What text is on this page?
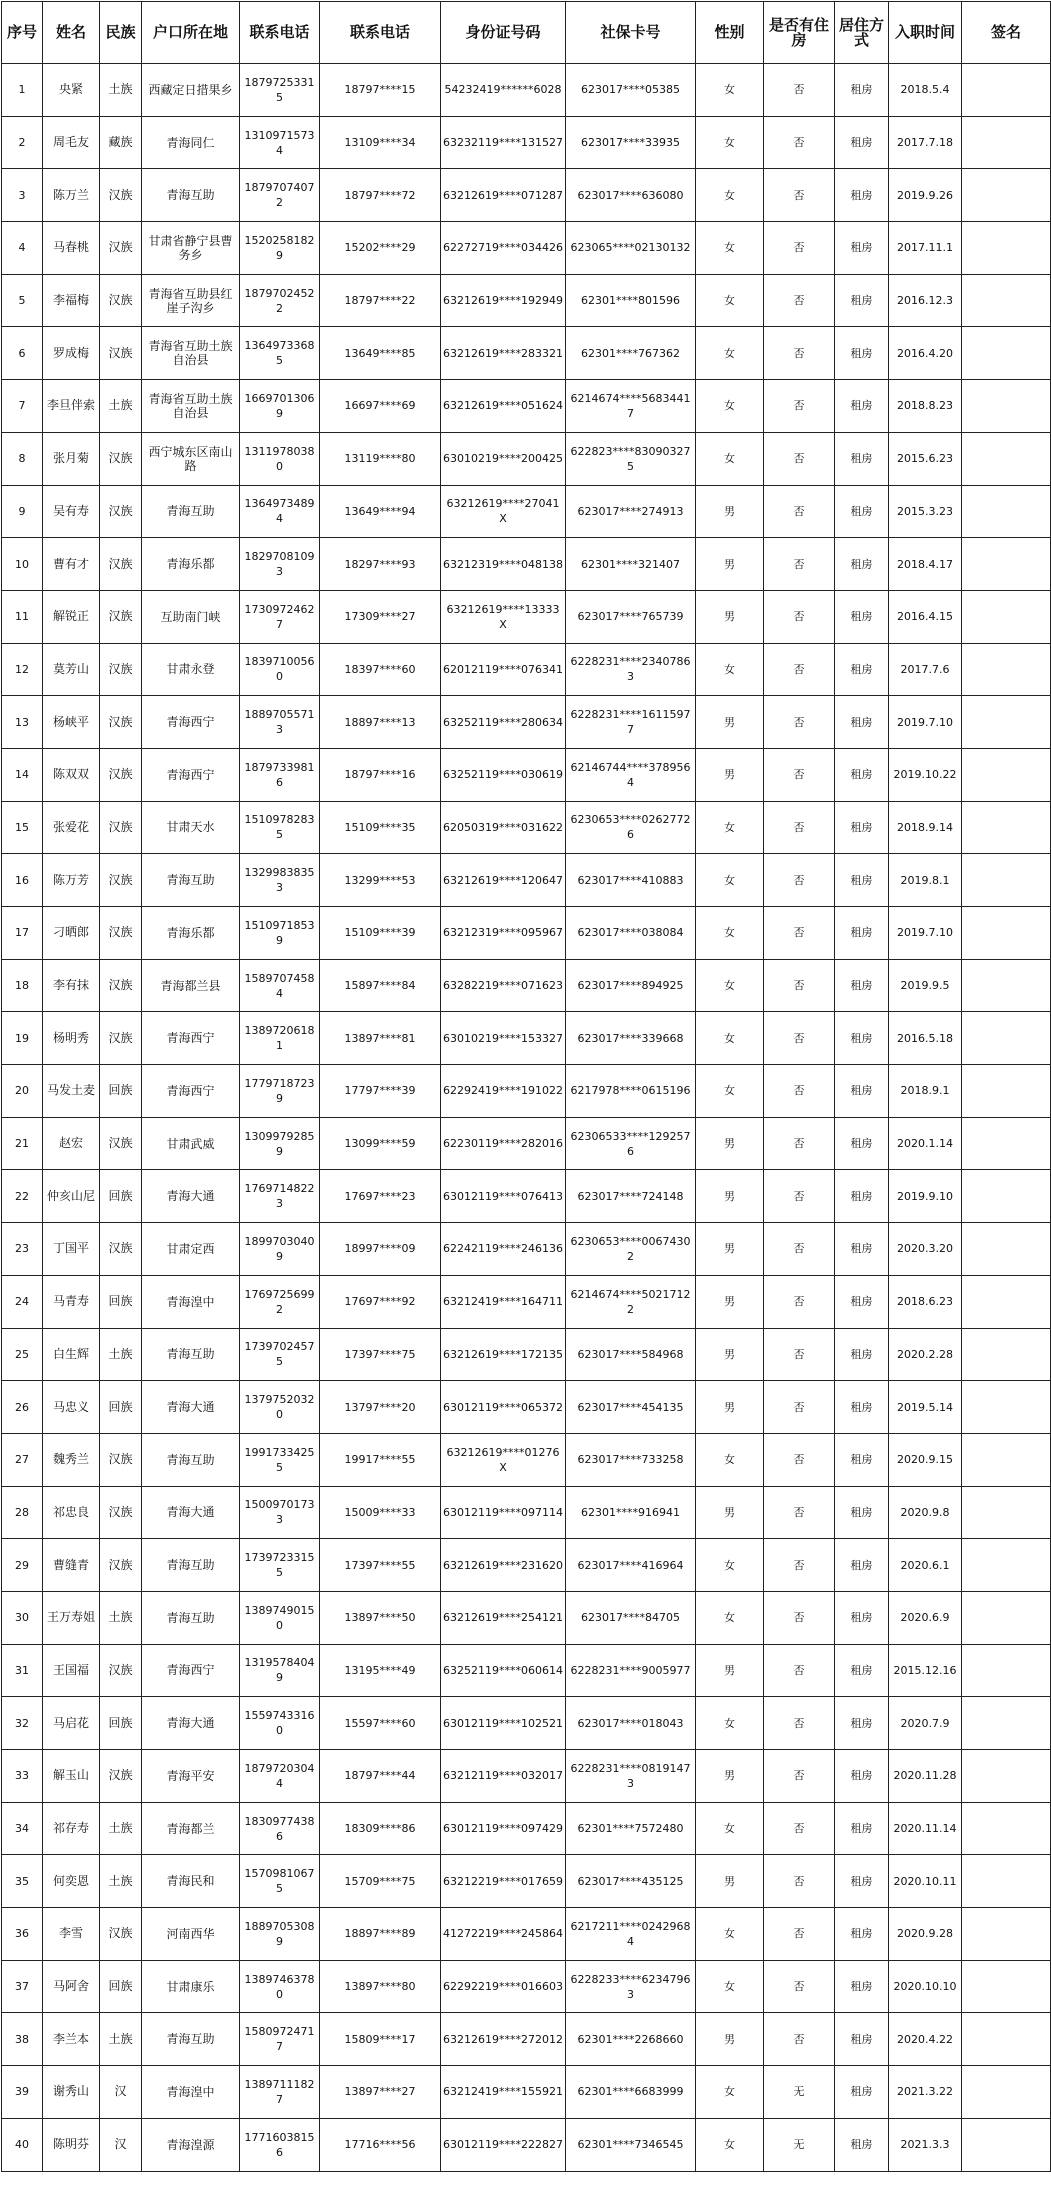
序号	姓名	民族	户口所在地	联系电话	联系电话	身份证号码	社保卡号	性别	是否有住房	居住方式	入职时间	签名
1	央紧	土族	西藏定日措果乡	18797253315	18797****15	54232419******6028	623017****05385	女	否	租房	2018.5.4	
2	周毛友	藏族	青海同仁	13109715734	13109****34	63232119****131527	623017****33935	女	否	租房	2017.7.18	
3	陈万兰	汉族	青海互助	18797074072	18797****72	63212619****071287	623017****636080	女	否	租房	2019.9.26	
4	马春桃	汉族	甘肃省静宁县曹务乡	15202581829	15202****29	62272719****034426	623065****02130132	女	否	租房	2017.11.1	
5	李福梅	汉族	青海省互助县红崖子沟乡	18797024522	18797****22	63212619****192949	62301****801596	女	否	租房	2016.12.3	
6	罗成梅	汉族	青海省互助土族自治县	13649733685	13649****85	63212619****283321	62301****767362	女	否	租房	2016.4.20	
7	李旦伴索	土族	青海省互助土族自治县	16697013069	16697****69	63212619****051624	6214674****56834417	女	否	租房	2018.8.23	
8	张月菊	汉族	西宁城东区南山路	13119780380	13119****80	63010219****200425	622823****830903275	女	否	租房	2015.6.23	
9	吴有寿	汉族	青海互助	13649734894	13649****94	63212619****27041X	623017****274913	男	否	租房	2015.3.23	
10	曹有才	汉族	青海乐都	18297081093	18297****93	63212319****048138	62301****321407	男	否	租房	2018.4.17	
11	解锐正	汉族	互助南门峡	17309724627	17309****27	63212619****13333X	623017****765739	男	否	租房	2016.4.15	
12	莫芳山	汉族	甘肃永登	18397100560	18397****60	62012119****076341	6228231****23407863	女	否	租房	2017.7.6	
13	杨峡平	汉族	青海西宁	18897055713	18897****13	63252119****280634	6228231****16115977	男	否	租房	2019.7.10	
14	陈双双	汉族	青海西宁	18797339816	18797****16	63252119****030619	62146744****3789564	男	否	租房	2019.10.22	
15	张爱花	汉族	甘肃天水	15109782835	15109****35	62050319****031622	6230653****02627726	女	否	租房	2018.9.14	
16	陈万芳	汉族	青海互助	13299838353	13299****53	63212619****120647	623017****410883	女	否	租房	2019.8.1	
17	刁晒郎	汉族	青海乐都	15109718539	15109****39	63212319****095967	623017****038084	女	否	租房	2019.7.10	
18	李有抹	汉族	青海都兰县	15897074584	15897****84	63282219****071623	623017****894925	女	否	租房	2019.9.5	
19	杨明秀	汉族	青海西宁	13897206181	13897****81	63010219****153327	623017****339668	女	否	租房	2016.5.18	
20	马发土麦	回族	青海西宁	17797187239	17797****39	62292419****191022	6217978****0615196	女	否	租房	2018.9.1	
21	赵宏	汉族	甘肃武威	13099792859	13099****59	62230119****282016	62306533****1292576	男	否	租房	2020.1.14	
22	仲亥山尼	回族	青海大通	17697148223	17697****23	63012119****076413	623017****724148	男	否	租房	2019.9.10	
23	丁国平	汉族	甘肃定西	18997030409	18997****09	62242119****246136	6230653****00674302	男	否	租房	2020.3.20	
24	马青寿	回族	青海湟中	17697256992	17697****92	63212419****164711	6214674****50217122	男	否	租房	2018.6.23	
25	白生辉	土族	青海互助	17397024575	17397****75	63212619****172135	623017****584968	男	否	租房	2020.2.28	
26	马忠义	回族	青海大通	13797520320	13797****20	63012119****065372	623017****454135	男	否	租房	2019.5.14	
27	魏秀兰	汉族	青海互助	19917334255	19917****55	63212619****01276X	623017****733258	女	否	租房	2020.9.15	
28	祁忠良	汉族	青海大通	15009701733	15009****33	63012119****097114	62301****916941	男	否	租房	2020.9.8	
29	曹缝青	汉族	青海互助	17397233155	17397****55	63212619****231620	623017****416964	女	否	租房	2020.6.1	
30	王万寿姐	土族	青海互助	13897490150	13897****50	63212619****254121	623017****84705	女	否	租房	2020.6.9	
31	王国福	汉族	青海西宁	13195784049	13195****49	63252119****060614	6228231****9005977	男	否	租房	2015.12.16	
32	马启花	回族	青海大通	15597433160	15597****60	63012119****102521	623017****018043	女	否	租房	2020.7.9	
33	解玉山	汉族	青海平安	18797203044	18797****44	63212119****032017	6228231****08191473	男	否	租房	2020.11.28	
34	祁存寿	土族	青海都兰	18309774386	18309****86	63012119****097429	62301****7572480	女	否	租房	2020.11.14	
35	何奕恩	土族	青海民和	15709810675	15709****75	63212219****017659	623017****435125	男	否	租房	2020.10.11	
36	李雪	汉族	河南西华	18897053089	18897****89	41272219****245864	6217211****02429684	女	否	租房	2020.9.28	
37	马阿舍	回族	甘肃康乐	13897463780	13897****80	62292219****016603	6228233****62347963	女	否	租房	2020.10.10	
38	李兰本	土族	青海互助	15809724717	15809****17	63212619****272012	62301****2268660	男	否	租房	2020.4.22	
39	谢秀山	汉	青海湟中	13897111827	13897****27	63212419****155921	62301****6683999	女	无	租房	2021.3.22	
40	陈明芬	汉	青海湟源	17716038156	17716****56	63012119****222827	62301****7346545	女	无	租房	2021.3.3	
